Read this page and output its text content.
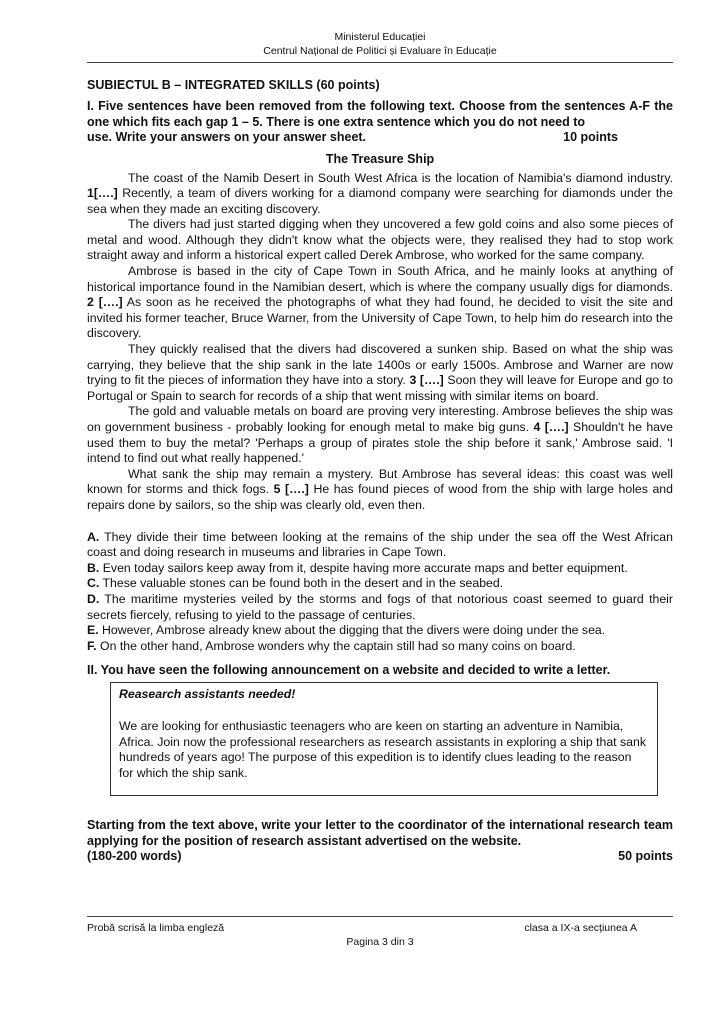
Ministerul Educației
Centrul Național de Politici și Evaluare în Educație
SUBIECTUL B – INTEGRATED SKILLS (60 points)
I. Five sentences have been removed from the following text. Choose from the sentences A-F the one which fits each gap 1 – 5. There is one extra sentence which you do not need to
use. Write your answers on your answer sheet.	10 points
The Treasure Ship

The coast of the Namib Desert in South West Africa is the location of Namibia's diamond industry. 1[….] Recently, a team of divers working for a diamond company were searching for diamonds under the sea when they made an exciting discovery.

The divers had just started digging when they uncovered a few gold coins and also some pieces of metal and wood. Although they didn't know what the objects were, they realised they had to stop work straight away and inform a historical expert called Derek Ambrose, who worked for the same company.

Ambrose is based in the city of Cape Town in South Africa, and he mainly looks at anything of historical importance found in the Namibian desert, which is where the company usually digs for diamonds. 2 [….] As soon as he received the photographs of what they had found, he decided to visit the site and invited his former teacher, Bruce Warner, from the University of Cape Town, to help him do research into the discovery.

They quickly realised that the divers had discovered a sunken ship. Based on what the ship was carrying, they believe that the ship sank in the late 1400s or early 1500s. Ambrose and Warner are now trying to fit the pieces of information they have into a story. 3 [….] Soon they will leave for Europe and go to Portugal or Spain to search for records of a ship that went missing with similar items on board.

The gold and valuable metals on board are proving very interesting. Ambrose believes the ship was on government business - probably looking for enough metal to make big guns. 4 [….] Shouldn't he have used them to buy the metal? 'Perhaps a group of pirates stole the ship before it sank,' Ambrose said. 'I intend to find out what really happened.'

What sank the ship may remain a mystery. But Ambrose has several ideas: this coast was well known for storms and thick fogs. 5 [….] He has found pieces of wood from the ship with large holes and repairs done by sailors, so the ship was clearly old, even then.

A. They divide their time between looking at the remains of the ship under the sea off the West African coast and doing research in museums and libraries in Cape Town.

B. Even today sailors keep away from it, despite having more accurate maps and better equipment.

C. These valuable stones can be found both in the desert and in the seabed.

D. The maritime mysteries veiled by the storms and fogs of that notorious coast seemed to guard their secrets fiercely, refusing to yield to the passage of centuries.

E. However, Ambrose already knew about the digging that the divers were doing under the sea.

F. On the other hand, Ambrose wonders why the captain still had so many coins on board.

II. You have seen the following announcement on a website and decided to write a letter.
Reasearch assistants needed!
We are looking for enthusiastic teenagers who are keen on starting an adventure in Namibia, Africa. Join now the professional researchers as research assistants in exploring a ship that sank hundreds of years ago! The purpose of this expedition is to identify clues leading to the reason for which the ship sank.
Starting from the text above, write your letter to the coordinator of the international research team applying for the position of research assistant advertised on the website.
(180-200 words)	50 points
Probă scrisă la limba engleză	clasa a IX-a secțiunea A
Pagina 3 din 3
